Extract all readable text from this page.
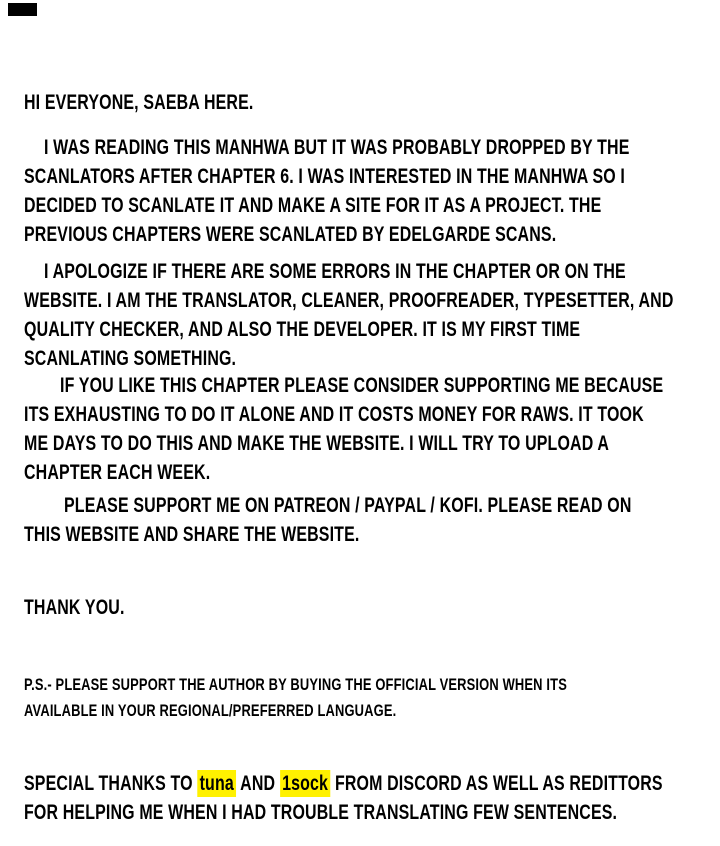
HI EVERYONE, SAEBA HERE.
I WAS READING THIS MANHWA BUT IT WAS PROBABLY DROPPED BY THE
SCANLATORS AFTER CHAPTER 6. I WAS INTERESTED IN THE MANHWA SO I
DECIDED TO SCANLATE IT AND MAKE A SITE FOR IT AS A PROJECT. THE
PREVIOUS CHAPTERS WERE SCANLATED BY EDELGARDE SCANS.
I APOLOGIZE IF THERE ARE SOME ERRORS IN THE CHAPTER OR ON THE
WEBSITE. I AM THE TRANSLATOR, CLEANER, PROOFREADER, TYPESETTER, AND
QUALITY CHECKER, AND ALSO THE DEVELOPER. IT IS MY FIRST TIME
SCANLATING SOMETHING.
IF YOU LIKE THIS CHAPTER PLEASE CONSIDER SUPPORTING ME BECAUSE
ITS EXHAUSTING TO DO IT ALONE AND IT COSTS MONEY FOR RAWS. IT TOOK
ME DAYS TO DO THIS AND MAKE THE WEBSITE. I WILL TRY TO UPLOAD A
CHAPTER EACH WEEK.
PLEASE SUPPORT ME ON PATREON / PAYPAL / KOFI. PLEASE READ ON
THIS WEBSITE AND SHARE THE WEBSITE.
THANK YOU.
P.S.- PLEASE SUPPORT THE AUTHOR BY BUYING THE OFFICIAL VERSION WHEN ITS
AVAILABLE IN YOUR REGIONAL/PREFERRED LANGUAGE.
SPECIAL THANKS TO tuna AND 1sock FROM DISCORD AS WELL AS REDITTORS
FOR HELPING ME WHEN I HAD TROUBLE TRANSLATING FEW SENTENCES.
